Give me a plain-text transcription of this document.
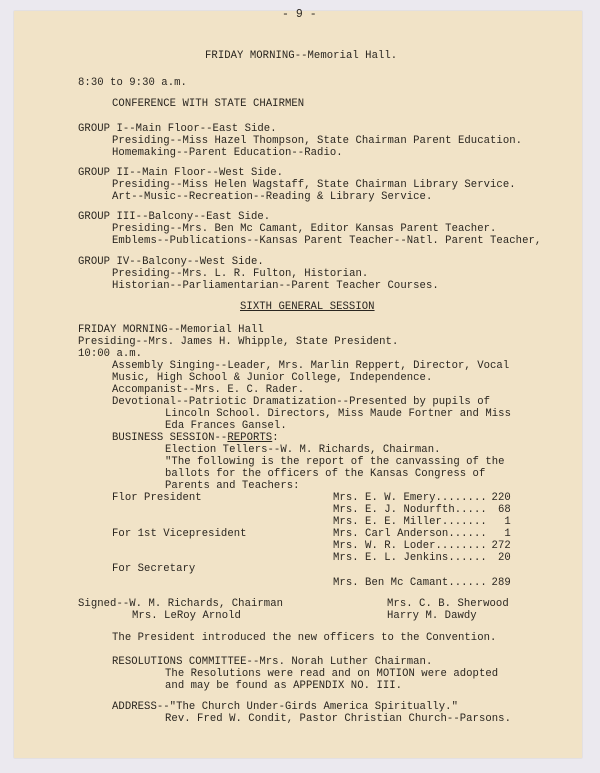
- 9 -
FRIDAY MORNING--Memorial Hall.
8:30 to 9:30 a.m.
CONFERENCE WITH STATE CHAIRMEN
GROUP I--Main Floor--East Side.
Presiding--Miss Hazel Thompson, State Chairman Parent Education.
Homemaking--Parent Education--Radio.
GROUP II--Main Floor--West Side.
Presiding--Miss Helen Wagstaff, State Chairman Library Service.
Art--Music--Recreation--Reading & Library Service.
GROUP III--Balcony--East Side.
Presiding--Mrs. Ben Mc Camant, Editor Kansas Parent Teacher.
Emblems--Publications--Kansas Parent Teacher--Natl. Parent Teacher,
GROUP IV--Balcony--West Side.
Presiding--Mrs. L. R. Fulton, Historian.
Historian--Parliamentarian--Parent Teacher Courses.
SIXTH GENERAL SESSION
FRIDAY MORNING--Memorial Hall
Presiding--Mrs. James H. Whipple, State President.
10:00 a.m.
Assembly Singing--Leader, Mrs. Marlin Reppert, Director, Vocal
Music, High School & Junior College, Independence.
Accompanist--Mrs. E. C. Rader.
Devotional--Patriotic Dramatization--Presented by pupils of
Lincoln School. Directors, Miss Maude Fortner and Miss
Eda Frances Gansel.
BUSINESS SESSION--REPORTS:
Election Tellers--W. M. Richards, Chairman.
"The following is the report of the canvassing of the
ballots for the officers of the Kansas Congress of
Parents and Teachers:
Flor President	Mrs. E. W. Emery........ 220
Mrs. E. J. Nodurfth..... 68
Mrs. E. E. Miller....... 1
Mrs. Carl Anderson...... 1
For 1st Vicepresident
Mrs. W. R. Loder........ 272
Mrs. E. L. Jenkins...... 20
For Secretary
Mrs. Ben Mc Camant...... 289
Signed--W. M. Richards, Chairman
Mrs. LeRoy Arnold
Mrs. C. B. Sherwood
Harry M. Dawdy
The President introduced the new officers to the Convention.
RESOLUTIONS COMMITTEE--Mrs. Norah Luther Chairman.
The Resolutions were read and on MOTION were adopted
and may be found as APPENDIX NO. III.
ADDRESS--"The Church Under-Girds America Spiritually."
Rev. Fred W. Condit, Pastor Christian Church--Parsons.
